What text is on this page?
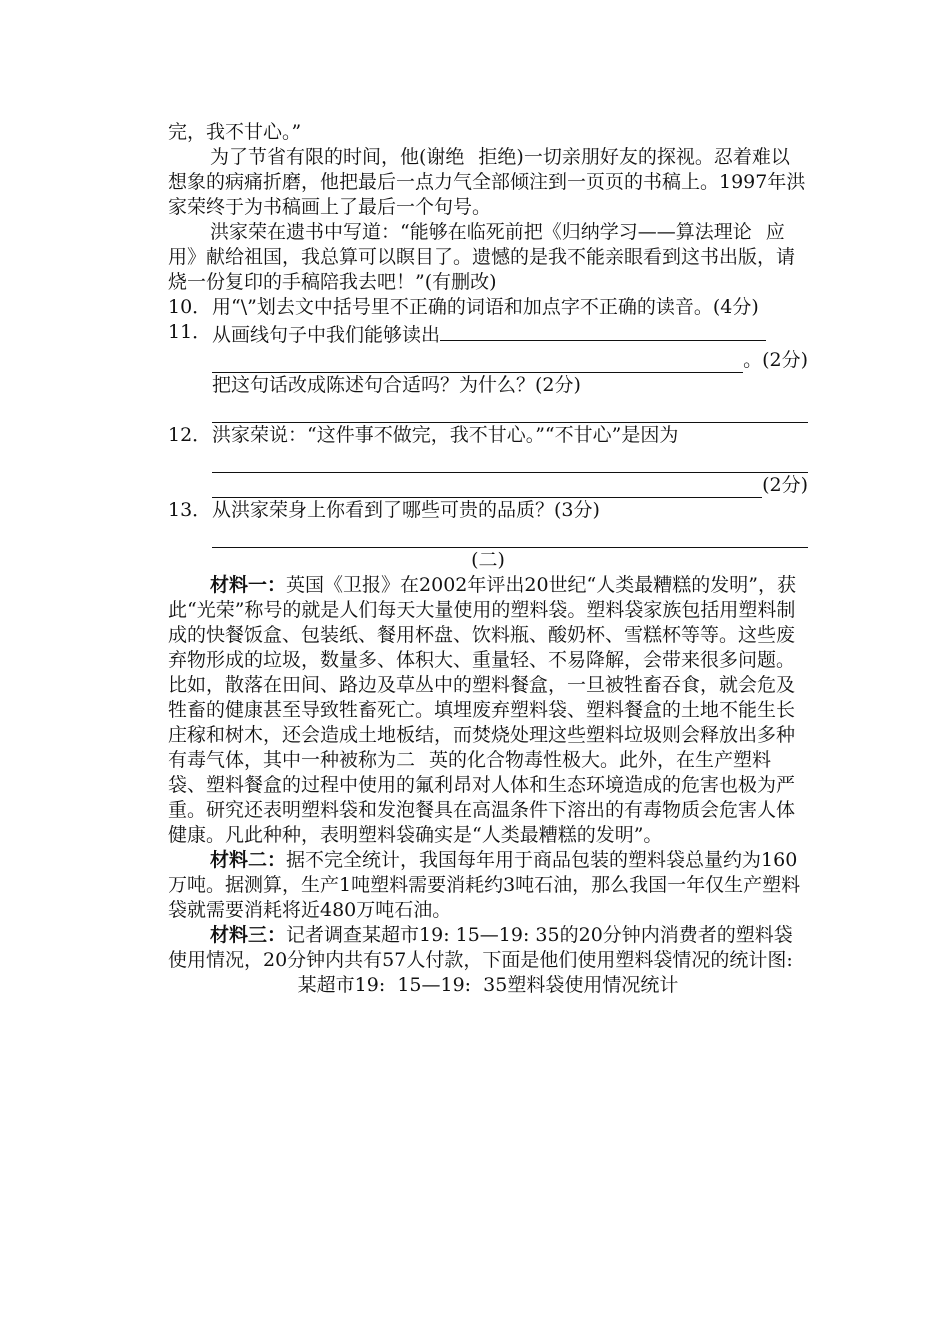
完，我不甘心。”

为了节省有限的时间，他(谢绝 拒绝)一切亲朋好友的探视。忍着难以想象的病痛折磨，他把最后一点力气全部倾注到一页页的书稿上。1997年洪家荣终于为书稿画上了最后一个句号。

洪家荣在遗书中写道：“能够在临死前把《归纳学习——算法理论 应用》献给祖国，我总算可以瞑目了。遗憾的是我不能亲眼看到这书出版，请烧一份复印的手稿陪我去吧！”(有删改)

10． 用“\”划去文中括号里不正确的词语和加点字不正确的读音。(4分)
11． 从画线句子中我们能够读出
。(2分)

把这句话改成陈述句合适吗？为什么？(2分)

12． 洪家荣说：“这件事不做完，我不甘心。”“不甘心”是因为
(2分)
13． 从洪家荣身上你看到了哪些可贵的品质？(3分)

(二)

材料一：英国《卫报》在2002年评出20世纪“人类最糟糕的发明”，获此“光荣”称号的就是人们每天大量使用的塑料袋。塑料袋家族包括用塑料制成的快餐饭盒、包装纸、餐用杯盘、饮料瓶、酸奶杯、雪糕杯等等。这些废弃物形成的垃圾，数量多、体积大、重量轻、不易降解，会带来很多问题。比如，散落在田间、路边及草丛中的塑料餐盒，一旦被牲畜吞食，就会危及牲畜的健康甚至导致牲畜死亡。填埋废弃塑料袋、塑料餐盒的土地不能生长庄稼和树木，还会造成土地板结，而焚烧处理这些塑料垃圾则会释放出多种有毒气体，其中一种被称为二 英的化合物毒性极大。此外，在生产塑料袋、塑料餐盒的过程中使用的氟利昂对人体和生态环境造成的危害也极为严重。研究还表明塑料袋和发泡餐具在高温条件下溶出的有毒物质会危害人体健康。凡此种种，表明塑料袋确实是“人类最糟糕的发明”。

材料二：据不完全统计，我国每年用于商品包装的塑料袋总量约为160万吨。据测算，生产1吨塑料需要消耗约3吨石油，那么我国一年仅生产塑料袋就需要消耗将近480万吨石油。

材料三：记者调查某超市19: 15—19: 35的20分钟内消费者的塑料袋使用情况，20分钟内共有57人付款，下面是他们使用塑料袋情况的统计图:

某超市19:  15—19:  35塑料袋使用情况统计
